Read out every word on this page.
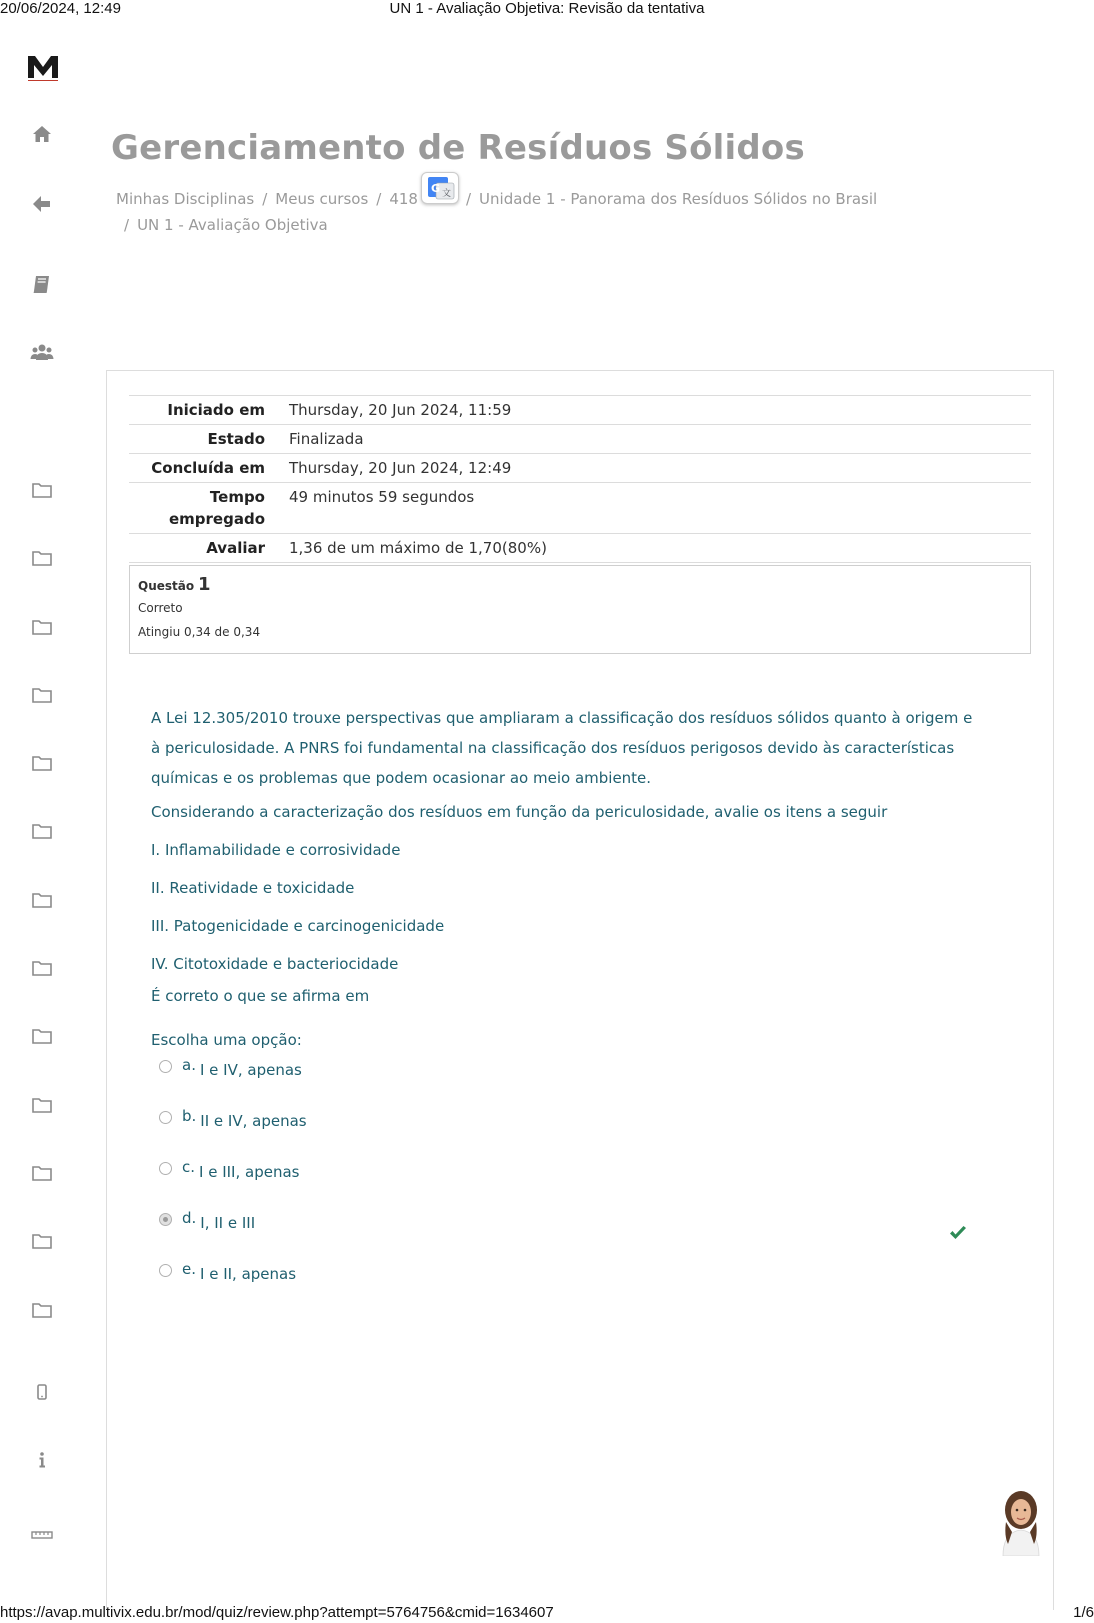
20/06/2024, 12:49	UN 1 - Avaliação Objetiva: Revisão da tentativa
Gerenciamento de Resíduos Sólidos
Minhas Disciplinas / Meus cursos / 418	/ Unidade 1 - Panorama dos Resíduos Sólidos no Brasil
/ UN 1 - Avaliação Objetiva
G 文
Iniciado em	Thursday, 20 Jun 2024, 11:59
Estado	Finalizada
Concluída em	Thursday, 20 Jun 2024, 12:49
Tempo empregado	49 minutos 59 segundos
Avaliar	1,36 de um máximo de 1,70(80%)
Questão 1
Correto
Atingiu 0,34 de 0,34

A Lei 12.305/2010 trouxe perspectivas que ampliaram a classificação dos resíduos sólidos quanto à origem e à periculosidade. A PNRS foi fundamental na classificação dos resíduos perigosos devido às características químicas e os problemas que podem ocasionar ao meio ambiente.

Considerando a caracterização dos resíduos em função da periculosidade, avalie os itens a seguir

I. Inflamabilidade e corrosividade

II. Reatividade e toxicidade

III. Patogenicidade e carcinogenicidade

IV. Citotoxidade e bacteriocidade

É correto o que se afirma em

Escolha uma opção:
a. I e IV, apenas
b. II e IV, apenas
c. I e III, apenas
d. I, II e III
e. I e II, apenas
https://avap.multivix.edu.br/mod/quiz/review.php?attempt=5764756&cmid=1634607	1/6
